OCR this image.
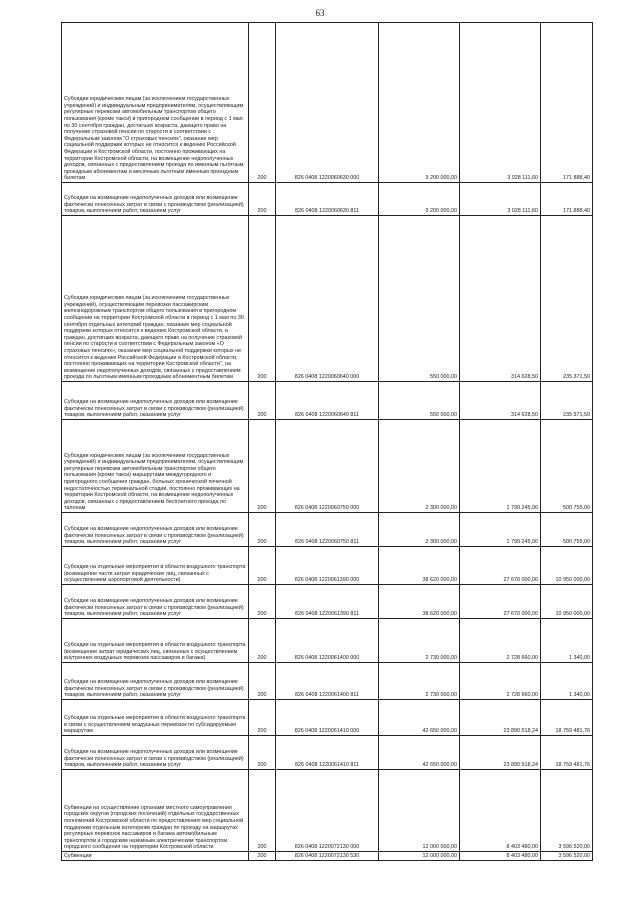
63
Субсидии юридическим лицам (за исключением государственных учреждений) и индивидуальным предпринимателям, осуществляющим регулярные перевозки автомобильным транспортом общего пользования (кроме такси) в пригородном сообщении в период с 1 мая по 30 сентября граждан, достигших возраста, дающего право на получение страховой пенсии по старости в соответствии с Федеральным законом "О страховых пенсиях", оказание мер социальной поддержки которых не относится к ведению Российской Федерации и Костромской области, постоянно проживающих на территории Костромской области, на возмещение недополученных доходов, связанных с предоставлением проезда по именным льготным проездным абонементам и месячным льготным именным проездным билетам	200	826 0408 1220060630 000	3 200 000,00	3 028 111,60	171 888,40
Субсидии на возмещение недополученных доходов или возмещение фактически понесенных затрат в связи с производством (реализацией) товаров, выполнением работ, оказанием услуг	200	826 0408 1220060630 811	3 200 000,00	3 028 111,60	171 888,40
Субсидии юридическим лицам (за исключением государственных учреждений), осуществляющим перевозки пассажирским железнодорожным транспортом общего пользования в пригородном сообщении на территории Костромской области в период с 1 мая по 30 сентября отдельных категорий граждан, оказание мер социальной поддержки которых относится к ведению Костромской области, и граждан, достигших возраста, дающего право на получение страховой пенсии по старости в соответствии с Федеральным законом «О страховых пенсиях», оказание мер социальной поддержки которых не относится к ведению Российской Федерации и Костромской области, постоянно проживающих на территории Костромской области", на возмещение недополученных доходов, связанных с предоставлением проезда по льготным именным проездным абонементным билетам	200	826 0408 1220060640 000	550 000,00	314 628,50	235 371,50
Субсидии на возмещение недополученных доходов или возмещение фактически понесенных затрат в связи с производством (реализацией) товаров, выполнением работ, оказанием услуг	200	826 0408 1220060640 811	550 000,00	314 628,50	235 371,50
Субсидии юридическим лицам (за исключением государственных учреждений) и индивидуальным предпринимателям, осуществляющим регулярные перевозки автомобильным транспортом общего пользования (кроме такси) маршрутами междугородного и пригородного сообщения граждан, больных хронической почечной недостаточностью терминальной стадии, постоянно проживающих на территории Костромской области, на возмещение недополученных доходов, связанных с предоставлением бесплатного проезда по талонам	200	826 0408 1220060750 000	2 300 000,00	1 799 245,00	500 755,00
Субсидии на возмещение недополученных доходов или возмещение фактически понесенных затрат в связи с производством (реализацией) товаров, выполнением работ, оказанием услуг	200	826 0408 1220060750 811	2 300 000,00	1 799 245,00	500 755,00
Субсидии на отдельные мероприятия в области воздушного транспорта (возмещение части затрат юридических лиц, связанных с осуществлением аэропортовой деятельности)	200	826 0408 1220061390 000	38 620 000,00	27 670 000,00	10 950 000,00
Субсидии на возмещение недополученных доходов или возмещение фактически понесенных затрат в связи с производством (реализацией) товаров, выполнением работ, оказанием услуг	200	826 0408 1220061390 811	38 620 000,00	27 670 000,00	10 950 000,00
Субсидии на отдельные мероприятия в области воздушного транспорта (возмещение затрат юридических лиц, связанных с осуществлением внутренних воздушных перевозок пассажиров и багажа)	200	826 0408 1220061400 000	2 730 000,00	2 728 660,00	1 340,00
Субсидии на возмещение недополученных доходов или возмещение фактически понесенных затрат в связи с производством (реализацией) товаров, выполнением работ, оказанием услуг	200	826 0408 1220061400 811	2 730 000,00	2 728 660,00	1 340,00
Субсидии на отдельные мероприятия в области воздушного транспорта в связи с осуществлением воздушных перевозок по субсидируемым маршрутам	200	826 0408 1220061410 000	42 650 000,00	23 890 518,24	18 759 481,76
Субсидии на возмещение недополученных доходов или возмещение фактически понесенных затрат в связи с производством (реализацией) товаров, выполнением работ, оказанием услуг	200	826 0408 1220061410 811	42 650 000,00	23 890 518,24	18 759 481,76
Субвенции на осуществление органами местного самоуправления городских округов (городских поселений) отдельных государственных полномочий Костромской области по предоставлению мер социальной поддержки отдельным категориям граждан по проезду на маршрутах регулярных перевозок пассажиров и багажа автомобильным транспортом и городским наземным электрическим транспортом городского сообщения на территории Костромской области	200	826 0408 1220072130 000	12 000 000,00	8 403 480,00	3 596 520,00
Субвенции	200	826 0408 1220072130 530	12 000 000,00	8 403 480,00	3 596 520,00
